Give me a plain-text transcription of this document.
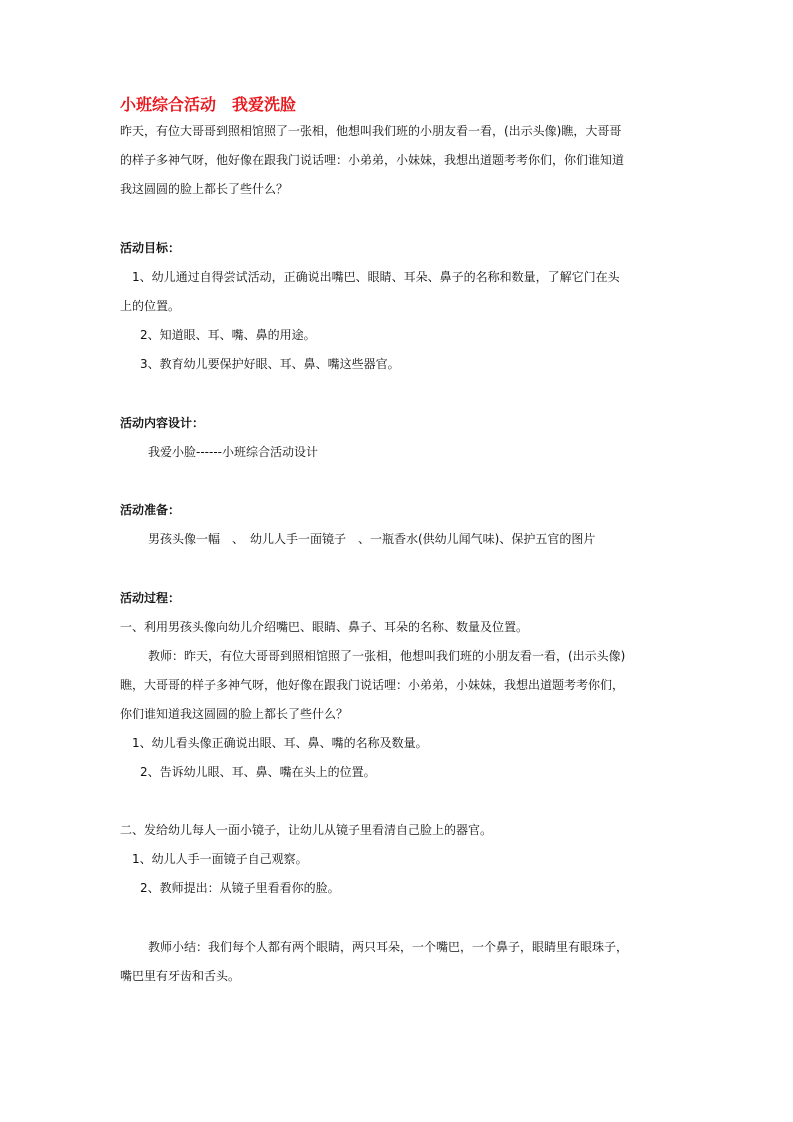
小班综合活动　我爱洗脸

昨天，有位大哥哥到照相馆照了一张相，他想叫我们班的小朋友看一看，(出示头像)瞧，大哥哥

的样子多神气呀，他好像在跟我门说话哩：小弟弟，小妹妹，我想出道题考考你们，你们谁知道

我这圆圆的脸上都长了些什么？

活动目标：

1、幼儿通过自得尝试活动，正确说出嘴巴、眼睛、耳朵、鼻子的名称和数量，了解它门在头

上的位置。

2、知道眼、耳、嘴、鼻的用途。

3、教育幼儿要保护好眼、耳、鼻、嘴这些器官。

活动内容设计：

我爱小脸------小班综合活动设计

活动准备：

男孩头像一幅　、　幼儿人手一面镜子　、一瓶香水(供幼儿闻气味)、保护五官的图片

活动过程：

一、利用男孩头像向幼儿介绍嘴巴、眼睛、鼻子、耳朵的名称、数量及位置。

教师：昨天，有位大哥哥到照相馆照了一张相，他想叫我们班的小朋友看一看，(出示头像)

瞧，大哥哥的样子多神气呀，他好像在跟我门说话哩：小弟弟，小妹妹，我想出道题考考你们，

你们谁知道我这圆圆的脸上都长了些什么？

1、幼儿看头像正确说出眼、耳、鼻、嘴的名称及数量。

2、告诉幼儿眼、耳、鼻、嘴在头上的位置。

二、发给幼儿每人一面小镜子，让幼儿从镜子里看清自己脸上的器官。

1、幼儿人手一面镜子自己观察。

2、教师提出：从镜子里看看你的脸。

教师小结：我们每个人都有两个眼睛，两只耳朵，一个嘴巴，一个鼻子，眼睛里有眼珠子，

嘴巴里有牙齿和舌头。
